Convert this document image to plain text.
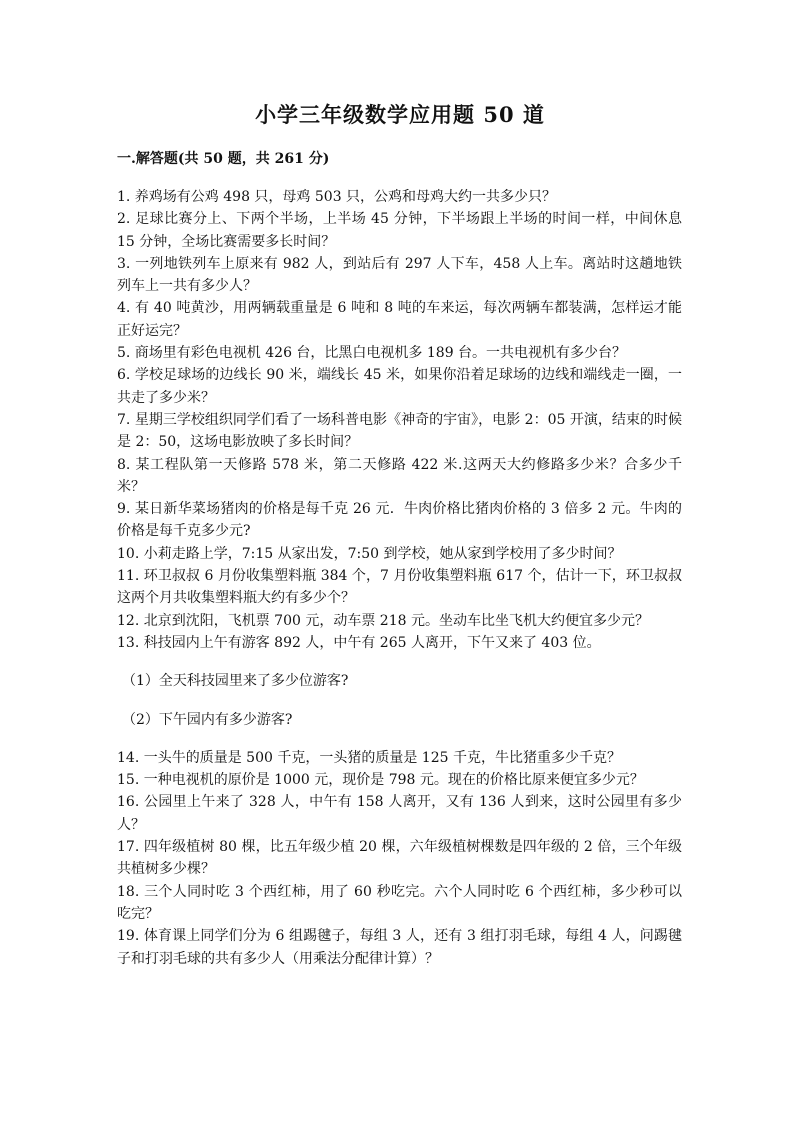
小学三年级数学应用题 50 道
一.解答题(共 50 题，共 261 分)

1. 养鸡场有公鸡 498 只，母鸡 503 只，公鸡和母鸡大约一共多少只？

2. 足球比赛分上、下两个半场，上半场 45 分钟，下半场跟上半场的时间一样，中间休息 15 分钟，全场比赛需要多长时间？

3. 一列地铁列车上原来有 982 人，到站后有 297 人下车，458 人上车。离站时这趟地铁列车上一共有多少人？

4. 有 40 吨黄沙，用两辆载重量是 6 吨和 8 吨的车来运，每次两辆车都装满，怎样运才能正好运完？

5. 商场里有彩色电视机 426 台，比黑白电视机多 189 台。一共电视机有多少台？

6. 学校足球场的边线长 90 米，端线长 45 米，如果你沿着足球场的边线和端线走一圈，一共走了多少米？

7. 星期三学校组织同学们看了一场科普电影《神奇的宇宙》，电影 2：05 开演，结束的时候是 2：50，这场电影放映了多长时间？

8. 某工程队第一天修路 578 米，第二天修路 422 米.这两天大约修路多少米？合多少千米？

9. 某日新华菜场猪肉的价格是每千克 26 元．牛肉价格比猪肉价格的 3 倍多 2 元。牛肉的价格是每千克多少元?

10. 小莉走路上学，7:15 从家出发，7:50 到学校，她从家到学校用了多少时间？

11. 环卫叔叔 6 月份收集塑料瓶 384 个，7 月份收集塑料瓶 617 个，估计一下，环卫叔叔这两个月共收集塑料瓶大约有多少个？

12. 北京到沈阳，飞机票 700 元，动车票 218 元。坐动车比坐飞机大约便宜多少元？

13. 科技园内上午有游客 892 人，中午有 265 人离开，下午又来了 403 位。

（1）全天科技园里来了多少位游客?

（2）下午园内有多少游客?

14. 一头牛的质量是 500 千克，一头猪的质量是 125 千克，牛比猪重多少千克？

15. 一种电视机的原价是 1000 元，现价是 798 元。现在的价格比原来便宜多少元？

16. 公园里上午来了 328 人，中午有 158 人离开，又有 136 人到来，这时公园里有多少人？

17. 四年级植树 80 棵，比五年级少植 20 棵，六年级植树棵数是四年级的 2 倍，三个年级共植树多少棵？

18. 三个人同时吃 3 个西红柿，用了 60 秒吃完。六个人同时吃 6 个西红柿，多少秒可以吃完？

19. 体育课上同学们分为 6 组踢毽子，每组 3 人，还有 3 组打羽毛球，每组 4 人，问踢毽子和打羽毛球的共有多少人（用乘法分配律计算）？
